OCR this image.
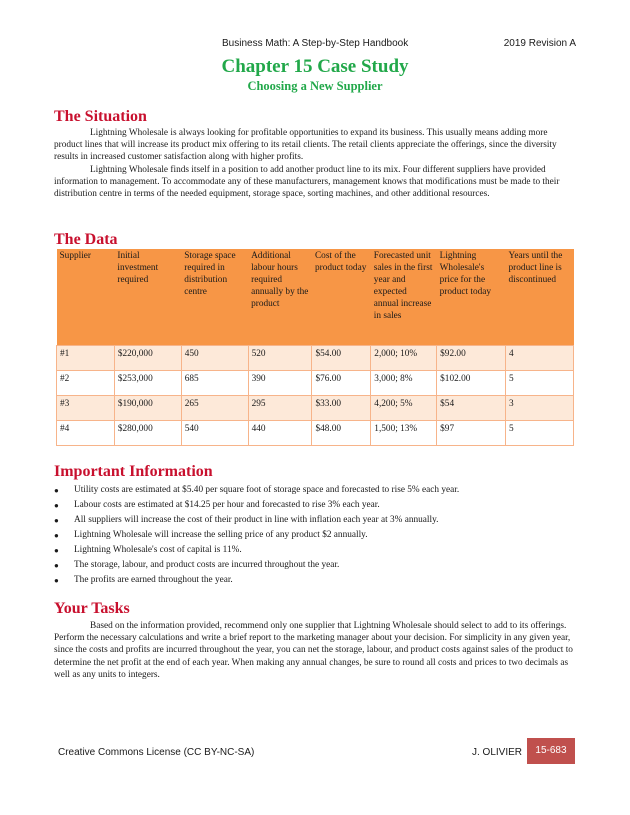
Business Math: A Step-by-Step Handbook	2019 Revision A
Chapter 15 Case Study
Choosing a New Supplier
The Situation

Lightning Wholesale is always looking for profitable opportunities to expand its business. This usually means adding more product lines that will increase its product mix offering to its retail clients. The retail clients appreciate the offerings, since the diversity results in increased customer satisfaction along with higher profits.

Lightning Wholesale finds itself in a position to add another product line to its mix. Four different suppliers have provided information to management. To accommodate any of these manufacturers, management knows that modifications must be made to their distribution centre in terms of the needed equipment, storage space, sorting machines, and other additional resources.

The Data
Supplier	Initial investment required	Storage space required in distribution centre	Additional labour hours required annually by the product	Cost of the product today	Forecasted unit sales in the first year and expected annual increase in sales	Lightning Wholesale's price for the product today	Years until the product line is discontinued
#1	$220,000	450	520	$54.00	2,000; 10%	$92.00	4
#2	$253,000	685	390	$76.00	3,000; 8%	$102.00	5
#3	$190,000	265	295	$33.00	4,200; 5%	$54	3
#4	$280,000	540	440	$48.00	1,500; 13%	$97	5
Important Information
● Utility costs are estimated at $5.40 per square foot of storage space and forecasted to rise 5% each year.
● Labour costs are estimated at $14.25 per hour and forecasted to rise 3% each year.
● All suppliers will increase the cost of their product in line with inflation each year at 3% annually.
● Lightning Wholesale will increase the selling price of any product $2 annually.
● Lightning Wholesale's cost of capital is 11%.
● The storage, labour, and product costs are incurred throughout the year.
● The profits are earned throughout the year.
Your Tasks

Based on the information provided, recommend only one supplier that Lightning Wholesale should select to add to its offerings. Perform the necessary calculations and write a brief report to the marketing manager about your decision. For simplicity in any given year, since the costs and profits are incurred throughout the year, you can net the storage, labour, and product costs against sales of the product to determine the net profit at the end of each year. When making any annual changes, be sure to round all costs and prices to two decimals as well as any units to integers.

Creative Commons License (CC BY-NC-SA)	J. OLIVIER	15-683
